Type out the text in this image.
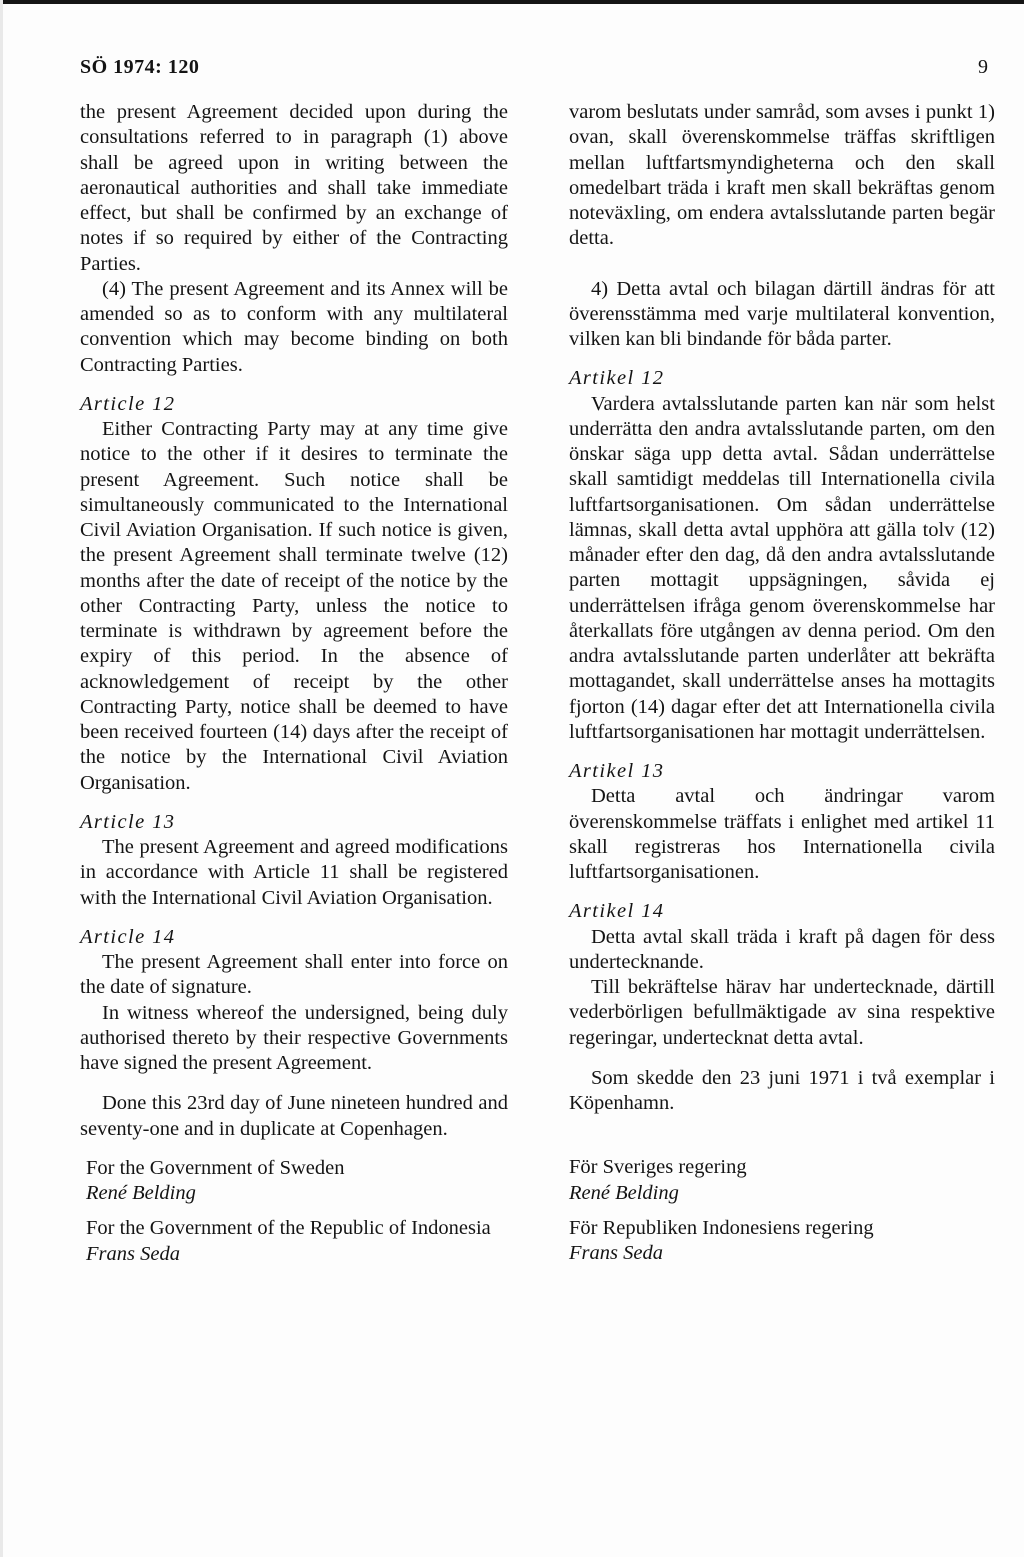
SÖ 1974: 120	9

the present Agreement decided upon during the consultations referred to in paragraph (1) above shall be agreed upon in writing between the aeronautical authorities and shall take immediate effect, but shall be confirmed by an exchange of notes if so required by either of the Contracting Parties.

(4) The present Agreement and its Annex will be amended so as to conform with any multilateral convention which may become binding on both Contracting Parties.

Article 12

Either Contracting Party may at any time give notice to the other if it desires to terminate the present Agreement. Such notice shall be simultaneously communicated to the International Civil Aviation Organisation. If such notice is given, the present Agreement shall terminate twelve (12) months after the date of receipt of the notice by the other Contracting Party, unless the notice to terminate is withdrawn by agreement before the expiry of this period. In the absence of acknowledgement of receipt by the other Contracting Party, notice shall be deemed to have been received fourteen (14) days after the receipt of the notice by the International Civil Aviation Organisation.

Article 13

The present Agreement and agreed modifications in accordance with Article 11 shall be registered with the International Civil Aviation Organisation.

Article 14

The present Agreement shall enter into force on the date of signature.

In witness whereof the undersigned, being duly authorised thereto by their respective Governments have signed the present Agreement.

Done this 23rd day of June nineteen hundred and seventy-one and in duplicate at Copenhagen.

For the Government of Sweden

René Belding

For the Government of the Republic of Indonesia

Frans Seda

varom beslutats under samråd, som avses i punkt 1) ovan, skall överenskommelse träffas skriftligen mellan luftfartsmyndigheterna och den skall omedelbart träda i kraft men skall bekräftas genom noteväxling, om endera avtalsslutande parten begär detta.

4) Detta avtal och bilagan därtill ändras för att överensstämma med varje multilateral konvention, vilken kan bli bindande för båda parter.

Artikel 12

Vardera avtalsslutande parten kan när som helst underrätta den andra avtalsslutande parten, om den önskar säga upp detta avtal. Sådan underrättelse skall samtidigt meddelas till Internationella civila luftfartsorganisationen. Om sådan underrättelse lämnas, skall detta avtal upphöra att gälla tolv (12) månader efter den dag, då den andra avtalsslutande parten mottagit uppsägningen, såvida ej underrättelsen ifråga genom överenskommelse har återkallats före utgången av denna period. Om den andra avtalsslutande parten underlåter att bekräfta mottagandet, skall underrättelse anses ha mottagits fjorton (14) dagar efter det att Internationella civila luftfartsorganisationen har mottagit underrättelsen.

Artikel 13

Detta avtal och ändringar varom överenskommelse träffats i enlighet med artikel 11 skall registreras hos Internationella civila luftfartsorganisationen.

Artikel 14

Detta avtal skall träda i kraft på dagen för dess undertecknande.

Till bekräftelse härav har undertecknade, därtill vederbörligen befullmäktigade av sina respektive regeringar, undertecknat detta avtal.

Som skedde den 23 juni 1971 i två exemplar i Köpenhamn.

För Sveriges regering

René Belding

För Republiken Indonesiens regering

Frans Seda
